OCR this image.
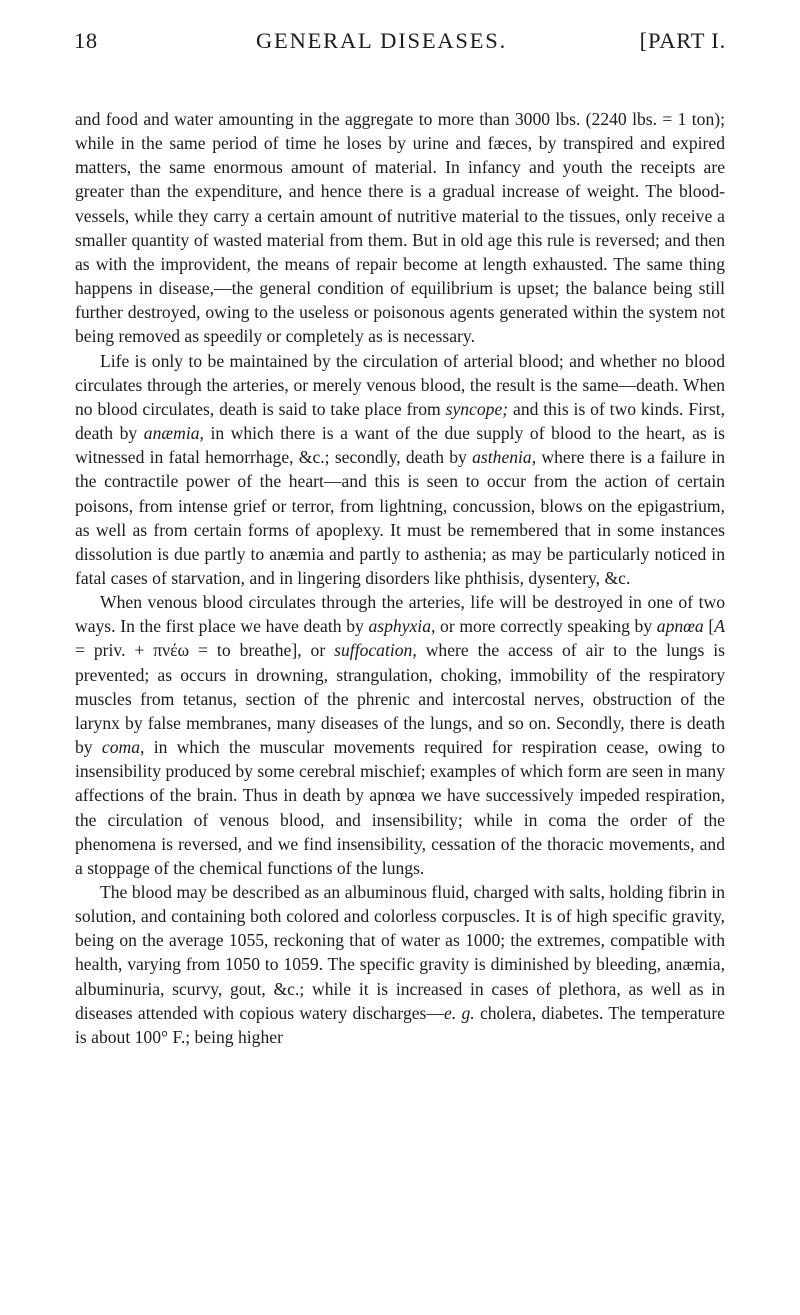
18	GENERAL DISEASES.	[PART I.

and food and water amounting in the aggregate to more than 3000 lbs. (2240 lbs. = 1 ton); while in the same period of time he loses by urine and fæces, by transpired and expired matters, the same enormous amount of material. In infancy and youth the receipts are greater than the expenditure, and hence there is a gradual increase of weight. The blood-vessels, while they carry a certain amount of nutritive material to the tissues, only receive a smaller quantity of wasted material from them. But in old age this rule is reversed; and then as with the improvident, the means of repair become at length exhausted. The same thing happens in disease,—the general condition of equilibrium is upset; the balance being still further destroyed, owing to the useless or poisonous agents generated within the system not being removed as speedily or completely as is necessary.

Life is only to be maintained by the circulation of arterial blood; and whether no blood circulates through the arteries, or merely venous blood, the result is the same—death. When no blood circulates, death is said to take place from syncope; and this is of two kinds. First, death by anæmia, in which there is a want of the due supply of blood to the heart, as is witnessed in fatal hemorrhage, &c.; secondly, death by asthenia, where there is a failure in the contractile power of the heart—and this is seen to occur from the action of certain poisons, from intense grief or terror, from lightning, concussion, blows on the epigastrium, as well as from certain forms of apoplexy. It must be remembered that in some instances dissolution is due partly to anæmia and partly to asthenia; as may be particularly noticed in fatal cases of starvation, and in lingering disorders like phthisis, dysentery, &c.

When venous blood circulates through the arteries, life will be destroyed in one of two ways. In the first place we have death by asphyxia, or more correctly speaking by apnœa [A = priv. + πνέω = to breathe], or suffocation, where the access of air to the lungs is prevented; as occurs in drowning, strangulation, choking, immobility of the respiratory muscles from tetanus, section of the phrenic and intercostal nerves, obstruction of the larynx by false membranes, many diseases of the lungs, and so on. Secondly, there is death by coma, in which the muscular movements required for respiration cease, owing to insensibility produced by some cerebral mischief; examples of which form are seen in many affections of the brain. Thus in death by apnœa we have successively impeded respiration, the circulation of venous blood, and insensibility; while in coma the order of the phenomena is reversed, and we find insensibility, cessation of the thoracic movements, and a stoppage of the chemical functions of the lungs.

The blood may be described as an albuminous fluid, charged with salts, holding fibrin in solution, and containing both colored and colorless corpuscles. It is of high specific gravity, being on the average 1055, reckoning that of water as 1000; the extremes, compatible with health, varying from 1050 to 1059. The specific gravity is diminished by bleeding, anæmia, albuminuria, scurvy, gout, &c.; while it is increased in cases of plethora, as well as in diseases attended with copious watery discharges—e. g. cholera, diabetes. The temperature is about 100° F.; being higher
